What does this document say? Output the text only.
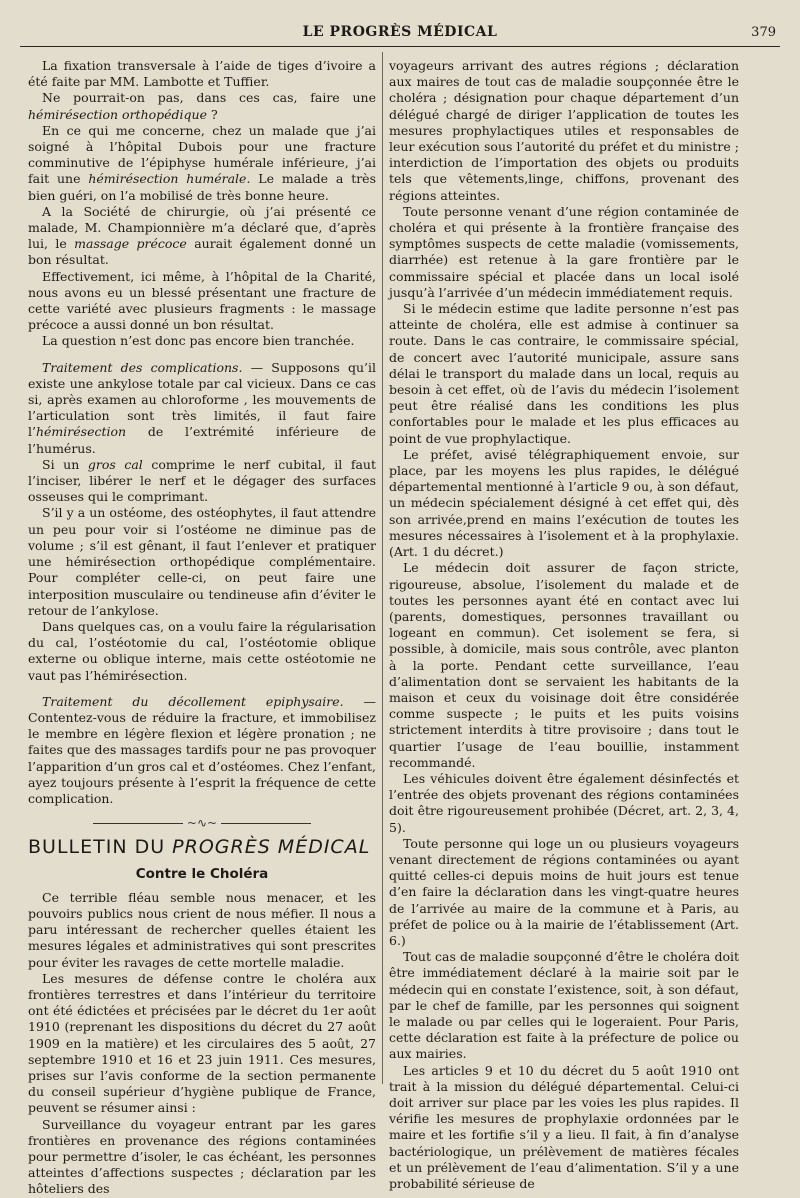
LE PROGRÈS MÉDICAL	379

La fixation transversale à l’aide de tiges d’ivoire a été faite par MM. Lambotte et Tuffier.

Ne pourrait-on pas, dans ces cas, faire une hémirésection orthopédique ?

En ce qui me concerne, chez un malade que j’ai soigné à l’hôpital Dubois pour une fracture comminutive de l’épiphyse humérale inférieure, j’ai fait une hémirésection humérale. Le malade a très bien guéri, on l’a mobilisé de très bonne heure.

A la Société de chirurgie, où j’ai présenté ce malade, M. Championnière m’a déclaré que, d’après lui, le massage précoce aurait également donné un bon résultat.

Effectivement, ici même, à l’hôpital de la Charité, nous avons eu un blessé présentant une fracture de cette variété avec plusieurs fragments : le massage précoce a aussi donné un bon résultat.

La question n’est donc pas encore bien tranchée.

Traitement des complications. — Supposons qu’il existe une ankylose totale par cal vicieux. Dans ce cas si, après examen au chloroforme , les mouvements de l’articulation sont très limités, il faut faire l’hémirésection de l’extrémité inférieure de l’humérus.

Si un gros cal comprime le nerf cubital, il faut l’inciser, libérer le nerf et le dégager des surfaces osseuses qui le comprimant.

S’il y a un ostéome, des ostéophytes, il faut attendre un peu pour voir si l’ostéome ne diminue pas de volume ; s’il est gênant, il faut l’enlever et pratiquer une hémirésection orthopédique complémentaire. Pour compléter celle-ci, on peut faire une interposition musculaire ou tendineuse afin d’éviter le retour de l’ankylose.

Dans quelques cas, on a voulu faire la régularisation du cal, l’ostéotomie du cal, l’ostéotomie oblique externe ou oblique interne, mais cette ostéotomie ne vaut pas l’hémirésection.

Traitement du décollement epiphysaire. — Contentez-vous de réduire la fracture, et immobilisez le membre en légère flexion et légère pronation ; ne faites que des massages tardifs pour ne pas provoquer l’apparition d’un gros cal et d’ostéomes. Chez l’enfant, ayez toujours présente à l’esprit la fréquence de cette complication.

~∿~

BULLETIN DU PROGRÈS MÉDICAL

Contre le Choléra

Ce terrible fléau semble nous menacer, et les pouvoirs publics nous crient de nous méfier. Il nous a paru intéressant de rechercher quelles étaient les mesures légales et administratives qui sont prescrites pour éviter les ravages de cette mortelle maladie.

Les mesures de défense contre le choléra aux frontières terrestres et dans l’intérieur du territoire ont été édictées et précisées par le décret du 1er août 1910 (reprenant les dispositions du décret du 27 août 1909 en la matière) et les circulaires des 5 août, 27 septembre 1910 et 16 et 23 juin 1911. Ces mesures, prises sur l’avis conforme de la section permanente du conseil supérieur d’hygiène publique de France, peuvent se résumer ainsi :

Surveillance du voyageur entrant par les gares frontières en provenance des régions contaminées pour permettre d’isoler, le cas échéant, les personnes atteintes d’affections suspectes ; déclaration par les hôteliers des

voyageurs arrivant des autres régions ; déclaration aux maires de tout cas de maladie soupçonnée être le choléra ; désignation pour chaque département d’un délégué chargé de diriger l’application de toutes les mesures prophylactiques utiles et responsables de leur exécution sous l’autorité du préfet et du ministre ; interdiction de l’importation des objets ou produits tels que vêtements,linge, chiffons, provenant des régions atteintes.

Toute personne venant d’une région contaminée de choléra et qui présente à la frontière française des symptômes suspects de cette maladie (vomissements, diarrhée) est retenue à la gare frontière par le commissaire spécial et placée dans un local isolé jusqu’à l’arrivée d’un médecin immédiatement requis.

Si le médecin estime que ladite personne n’est pas atteinte de choléra, elle est admise à continuer sa route. Dans le cas contraire, le commissaire spécial, de concert avec l’autorité municipale, assure sans délai le transport du malade dans un local, requis au besoin à cet effet, où de l’avis du médecin l’isolement peut être réalisé dans les conditions les plus confortables pour le malade et les plus efficaces au point de vue prophylactique.

Le préfet, avisé télégraphiquement envoie, sur place, par les moyens les plus rapides, le délégué départemental mentionné à l’article 9 ou, à son défaut, un médecin spécialement désigné à cet effet qui, dès son arrivée,prend en mains l’exécution de toutes les mesures nécessaires à l’isolement et à la prophylaxie. (Art. 1 du décret.)

Le médecin doit assurer de façon stricte, rigoureuse, absolue, l’isolement du malade et de toutes les personnes ayant été en contact avec lui (parents, domestiques, personnes travaillant ou logeant en commun). Cet isolement se fera, si possible, à domicile, mais sous contrôle, avec planton à la porte. Pendant cette surveillance, l’eau d’alimentation dont se servaient les habitants de la maison et ceux du voisinage doit être considérée comme suspecte ; le puits et les puits voisins strictement interdits à titre provisoire ; dans tout le quartier l’usage de l’eau bouillie, instamment recommandé.

Les véhicules doivent être également désinfectés et l’entrée des objets provenant des régions contaminées doit être rigoureusement prohibée (Décret, art. 2, 3, 4, 5).

Toute personne qui loge un ou plusieurs voyageurs venant directement de régions contaminées ou ayant quitté celles-ci depuis moins de huit jours est tenue d’en faire la déclaration dans les vingt-quatre heures de l’arrivée au maire de la commune et à Paris, au préfet de police ou à la mairie de l’établissement (Art. 6.)

Tout cas de maladie soupçonné d’être le choléra doit être immédiatement déclaré à la mairie soit par le médecin qui en constate l’existence, soit, à son défaut, par le chef de famille, par les personnes qui soignent le malade ou par celles qui le logeraient. Pour Paris, cette déclaration est faite à la préfecture de police ou aux mairies.

Les articles 9 et 10 du décret du 5 août 1910 ont trait à la mission du délégué départemental. Celui-ci doit arriver sur place par les voies les plus rapides. Il vérifie les mesures de prophylaxie ordonnées par le maire et les fortifie s’il y a lieu. Il fait, à fin d’analyse bactériologique, un prélèvement de matières fécales et un prélèvement de l’eau d’alimentation. S’il y a une probabilité sérieuse de
